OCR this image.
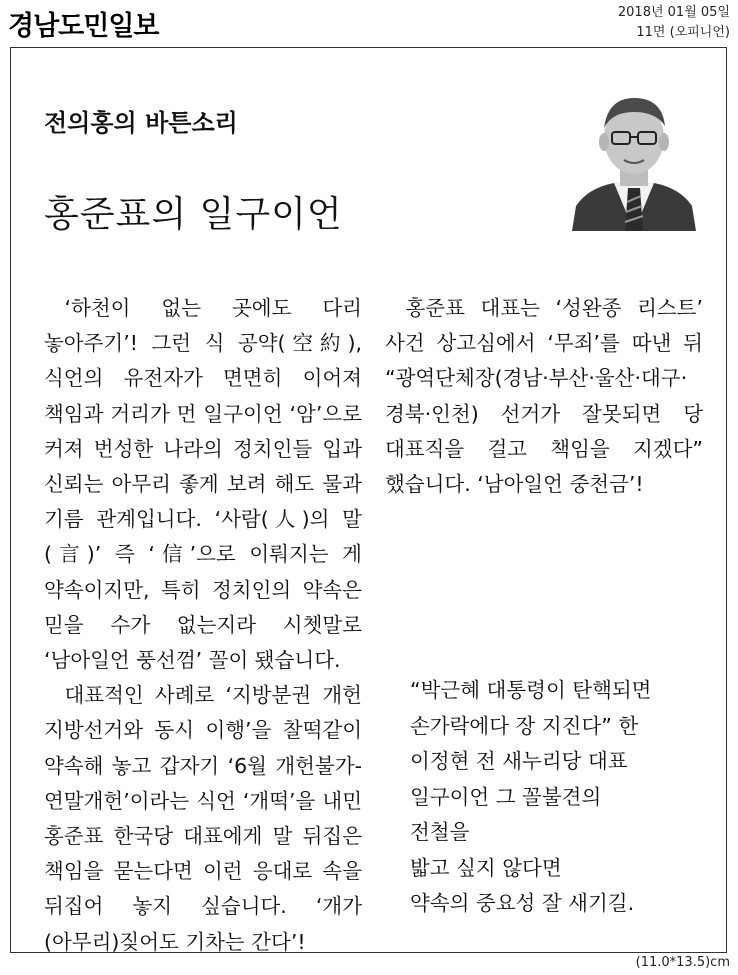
경남도민일보	2018년 01월 05일
11면 (오피니언)
전의홍의 바튼소리
홍준표의 일구이언

‘하천이 없는 곳에도 다리 놓아주기’! 그런 식 공약(空約), 식언의 유전자가 면면히 이어져 책임과 거리가 먼 일구이언 ‘암’으로 커져 번성한 나라의 정치인들 입과 신뢰는 아무리 좋게 보려 해도 물과 기름 관계입니다. ‘사람(人)의 말(言)’ 즉 ‘信’으로 이뤄지는 게 약속이지만, 특히 정치인의 약속은 믿을 수가 없는지라 시쳇말로 ‘남아일언 풍선껌’ 꼴이 됐습니다.

대표적인 사례로 ‘지방분권 개헌 지방선거와 동시 이행’을 찰떡같이 약속해 놓고 갑자기 ‘6월 개헌불가-연말개헌’이라는 식언 ‘개떡’을 내민 홍준표 한국당 대표에게 말 뒤집은 책임을 묻는다면 이런 응대로 속을 뒤집어 놓지 싶습니다. ‘개가(아무리)짖어도 기차는 간다’!

홍준표 대표는 ‘성완종 리스트’ 사건 상고심에서 ‘무죄’를 따낸 뒤 “광역단체장(경남·부산·울산·대구·경북·인천) 선거가 잘못되면 당 대표직을 걸고 책임을 지겠다” 했습니다. ‘남아일언 중천금’!

“박근혜 대통령이 탄핵되면
손가락에다 장 지진다” 한
이정현 전 새누리당 대표
일구이언 그 꼴불견의
전철을
밟고 싶지 않다면
약속의 중요성 잘 새기길.
(11.0*13.5)cm
